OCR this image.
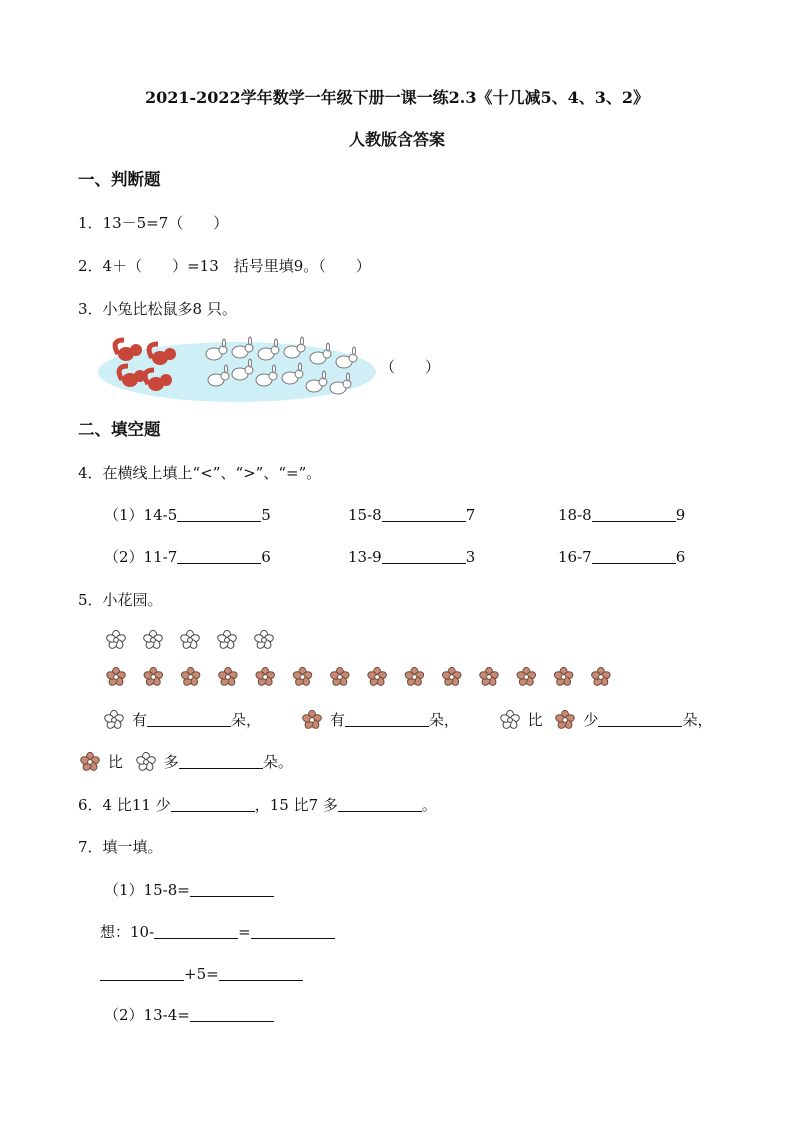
2021-2022学年数学一年级下册一课一练2.3《十几减5、4、3、2》
人教版含答案
一、判断题
1．13－5=7（　　）
2．4＋（　　）=13　括号里填9。（　　）
3．小兔比松鼠多8 只。
（　　）
二、填空题
4．在横线上填上“<”、“>”、“=”。
（1）14-5	5	15-8	7	18-8	9
（2）11-7	6	13-9	3	16-7	6
5．小花园。
有	朵，	有	朵，	比	少	朵，
比	多	朵。
6．4 比11 少	，15 比7 多	。
7．填一填。
（1）15-8=
想：10-	=
+5=
（2）13-4=
